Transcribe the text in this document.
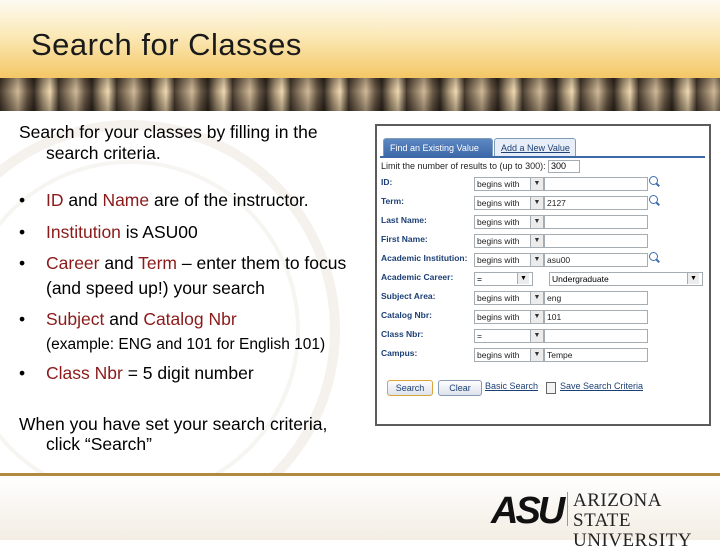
Search for Classes
Search for your classes by filling in the
search criteria.
• ID and Name are of the instructor.
• Institution is ASU00
• Career and Term – enter them to focus (and speed up!) your search
• Subject and Catalog Nbr
(example: ENG and 101 for English 101)
• Class Nbr = 5 digit number
When you have set your search criteria,
click “Search”
Find an Existing Value	Add a New Value
Limit the number of results to (up to 300): 300
ID:	begins with	▼
Term:	begins with	▼ 2127
Last Name:	begins with	▼
First Name:	begins with	▼
Academic Institution:	begins with	▼ asu00
Academic Career:	=	▼	Undergraduate	▼
Subject Area:	begins with	▼ eng
Catalog Nbr:	begins with	▼ 101
Class Nbr:	=	▼
Campus:	begins with	▼ Tempe
Search	Clear	Basic Search Save Search Criteria
ASU ARIZONA STATE
UNIVERSITY
